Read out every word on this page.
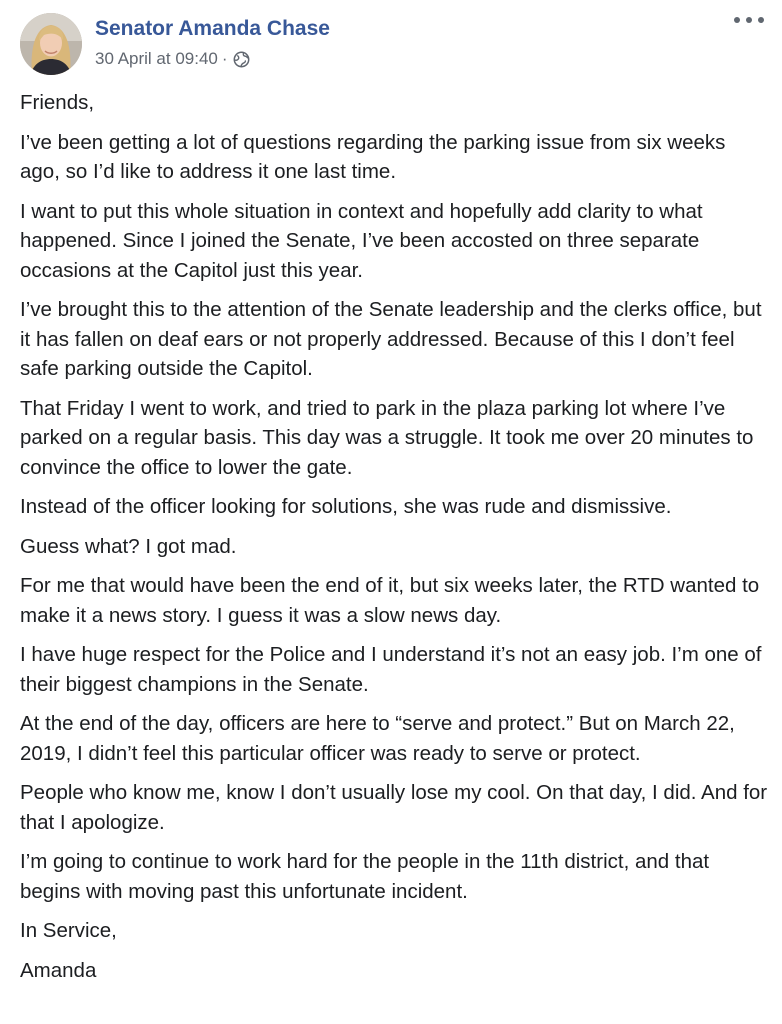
Senator Amanda Chase
30 April at 09:40 ·

Friends,

I’ve been getting a lot of questions regarding the parking issue from six weeks ago, so I’d like to address it one last time.

I want to put this whole situation in context and hopefully add clarity to what happened. Since I joined the Senate, I’ve been accosted on three separate occasions at the Capitol just this year.

I’ve brought this to the attention of the Senate leadership and the clerks office, but it has fallen on deaf ears or not properly addressed. Because of this I don’t feel safe parking outside the Capitol.

That Friday I went to work, and tried to park in the plaza parking lot where I’ve parked on a regular basis. This day was a struggle. It took me over 20 minutes to convince the office to lower the gate.

Instead of the officer looking for solutions, she was rude and dismissive.

Guess what? I got mad.

For me that would have been the end of it, but six weeks later, the RTD wanted to make it a news story. I guess it was a slow news day.

I have huge respect for the Police and I understand it’s not an easy job. I’m one of their biggest champions in the Senate.

At the end of the day, officers are here to “serve and protect.” But on March 22, 2019, I didn’t feel this particular officer was ready to serve or protect.

People who know me, know I don’t usually lose my cool. On that day, I did. And for that I apologize.

I’m going to continue to work hard for the people in the 11th district, and that begins with moving past this unfortunate incident.

In Service,

Amanda
